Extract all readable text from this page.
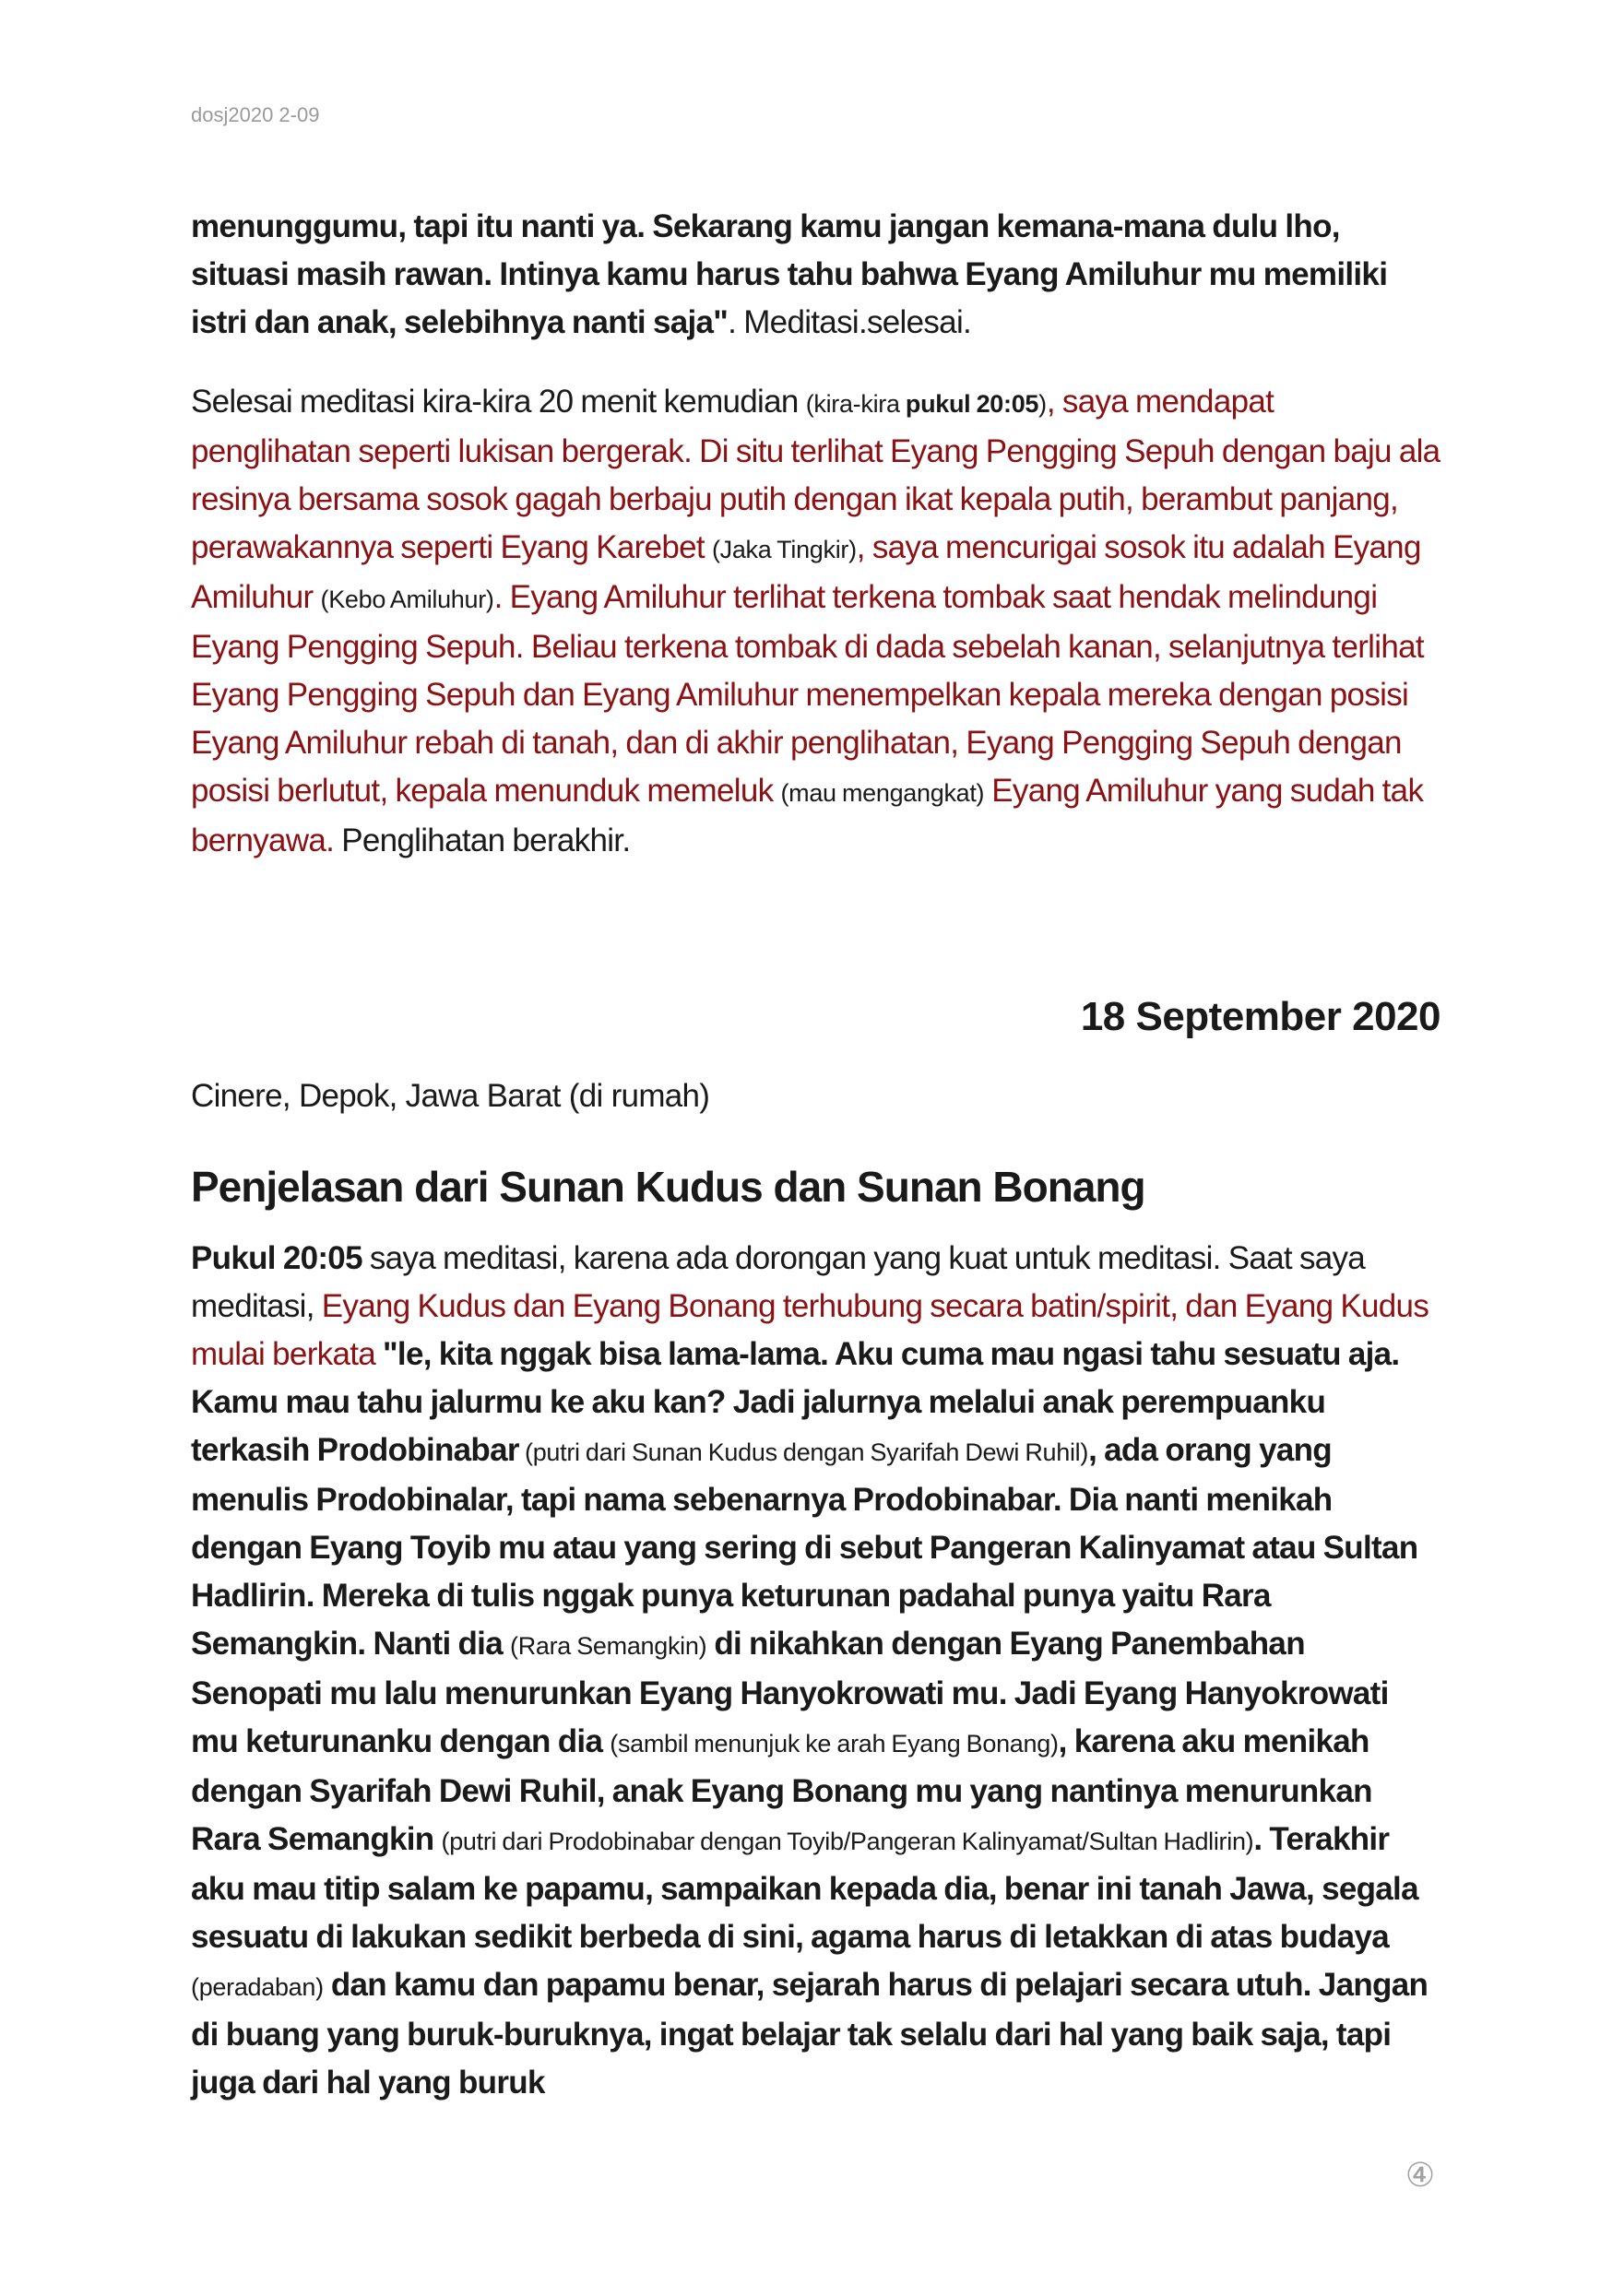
dosj2020 2-09

menunggumu, tapi itu nanti ya. Sekarang kamu jangan kemana-mana dulu lho, situasi masih rawan. Intinya kamu harus tahu bahwa Eyang Amiluhur mu memiliki istri dan anak, selebihnya nanti saja". Meditasi.selesai.

Selesai meditasi kira-kira 20 menit kemudian (kira-kira pukul 20:05), saya mendapat penglihatan seperti lukisan bergerak. Di situ terlihat Eyang Pengging Sepuh dengan baju ala resinya bersama sosok gagah berbaju putih dengan ikat kepala putih, berambut panjang, perawakannya seperti Eyang Karebet (Jaka Tingkir), saya mencurigai sosok itu adalah Eyang Amiluhur (Kebo Amiluhur). Eyang Amiluhur terlihat terkena tombak saat hendak melindungi Eyang Pengging Sepuh. Beliau terkena tombak di dada sebelah kanan, selanjutnya terlihat Eyang Pengging Sepuh dan Eyang Amiluhur menempelkan kepala mereka dengan posisi Eyang Amiluhur rebah di tanah, dan di akhir penglihatan, Eyang Pengging Sepuh dengan posisi berlutut, kepala menunduk memeluk (mau mengangkat) Eyang Amiluhur yang sudah tak bernyawa. Penglihatan berakhir.

18 September 2020
Cinere, Depok, Jawa Barat (di rumah)
Penjelasan dari Sunan Kudus dan Sunan Bonang

Pukul 20:05 saya meditasi, karena ada dorongan yang kuat untuk meditasi. Saat saya meditasi, Eyang Kudus dan Eyang Bonang terhubung secara batin/spirit, dan Eyang Kudus mulai berkata "le, kita nggak bisa lama-lama. Aku cuma mau ngasi tahu sesuatu aja. Kamu mau tahu jalurmu ke aku kan? Jadi jalurnya melalui anak perempuanku terkasih Prodobinabar (putri dari Sunan Kudus dengan Syarifah Dewi Ruhil), ada orang yang menulis Prodobinalar, tapi nama sebenarnya Prodobinabar. Dia nanti menikah dengan Eyang Toyib mu atau yang sering di sebut Pangeran Kalinyamat atau Sultan Hadlirin. Mereka di tulis nggak punya keturunan padahal punya yaitu Rara Semangkin. Nanti dia (Rara Semangkin) di nikahkan dengan Eyang Panembahan Senopati mu lalu menurunkan Eyang Hanyokrowati mu. Jadi Eyang Hanyokrowati mu keturunanku dengan dia (sambil menunjuk ke arah Eyang Bonang), karena aku menikah dengan Syarifah Dewi Ruhil, anak Eyang Bonang mu yang nantinya menurunkan Rara Semangkin (putri dari Prodobinabar dengan Toyib/Pangeran Kalinyamat/Sultan Hadlirin). Terakhir aku mau titip salam ke papamu, sampaikan kepada dia, benar ini tanah Jawa, segala sesuatu di lakukan sedikit berbeda di sini, agama harus di letakkan di atas budaya (peradaban) dan kamu dan papamu benar, sejarah harus di pelajari secara utuh. Jangan di buang yang buruk-buruknya, ingat belajar tak selalu dari hal yang baik saja, tapi juga dari hal yang buruk

④
